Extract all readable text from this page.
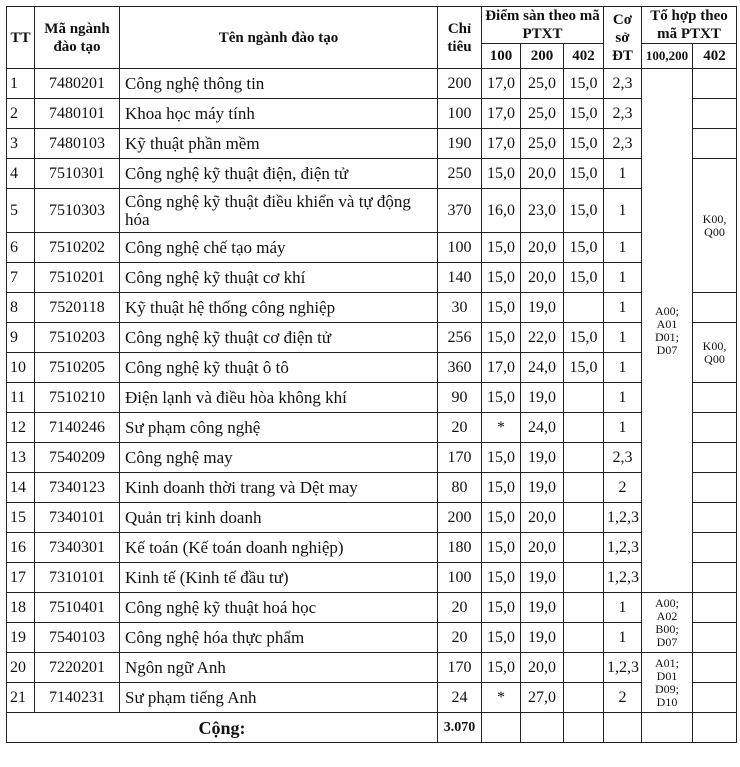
TT	Mã ngành đào tạo	Tên ngành đào tạo	Chỉ tiêu	Điểm sàn theo mã PTXT			Cơ sở ĐT	Tổ hợp theo mã PTXT	
				100	200	402		100,200	402
1	7480201	Công nghệ thông tin	200	17,0	25,0	15,0	2,3	A00; A01 D01; D07	
2	7480101	Khoa học máy tính	100	17,0	25,0	15,0	2,3		
3	7480103	Kỹ thuật phần mềm	190	17,0	25,0	15,0	2,3		
4	7510301	Công nghệ kỹ thuật điện, điện tử	250	15,0	20,0	15,0	1		K00, Q00
5	7510303	Công nghệ kỹ thuật điều khiển và tự động hóa	370	16,0	23,0	15,0	1		
6	7510202	Công nghệ chế tạo máy	100	15,0	20,0	15,0	1		
7	7510201	Công nghệ kỹ thuật cơ khí	140	15,0	20,0	15,0	1		
8	7520118	Kỹ thuật hệ thống công nghiệp	30	15,0	19,0		1		
9	7510203	Công nghệ kỹ thuật cơ điện tử	256	15,0	22,0	15,0	1		K00, Q00
10	7510205	Công nghệ kỹ thuật ô tô	360	17,0	24,0	15,0	1		
11	7510210	Điện lạnh và điều hòa không khí	90	15,0	19,0		1		
12	7140246	Sư phạm công nghệ	20	*	24,0		1		
13	7540209	Công nghệ may	170	15,0	19,0		2,3		
14	7340123	Kinh doanh thời trang và Dệt may	80	15,0	19,0		2		
15	7340101	Quản trị kinh doanh	200	15,0	20,0		1,2,3		
16	7340301	Kế toán (Kế toán doanh nghiệp)	180	15,0	20,0		1,2,3		
17	7310101	Kinh tế (Kinh tế đầu tư)	100	15,0	19,0		1,2,3		
18	7510401	Công nghệ kỹ thuật hoá học	20	15,0	19,0		1	A00; A02 B00; D07	
19	7540103	Công nghệ hóa thực phẩm	20	15,0	19,0		1		
20	7220201	Ngôn ngữ Anh	170	15,0	20,0		1,2,3	A01; D01 D09; D10	
21	7140231	Sư phạm tiếng Anh	24	*	27,0		2		
Cộng:			3.070						
